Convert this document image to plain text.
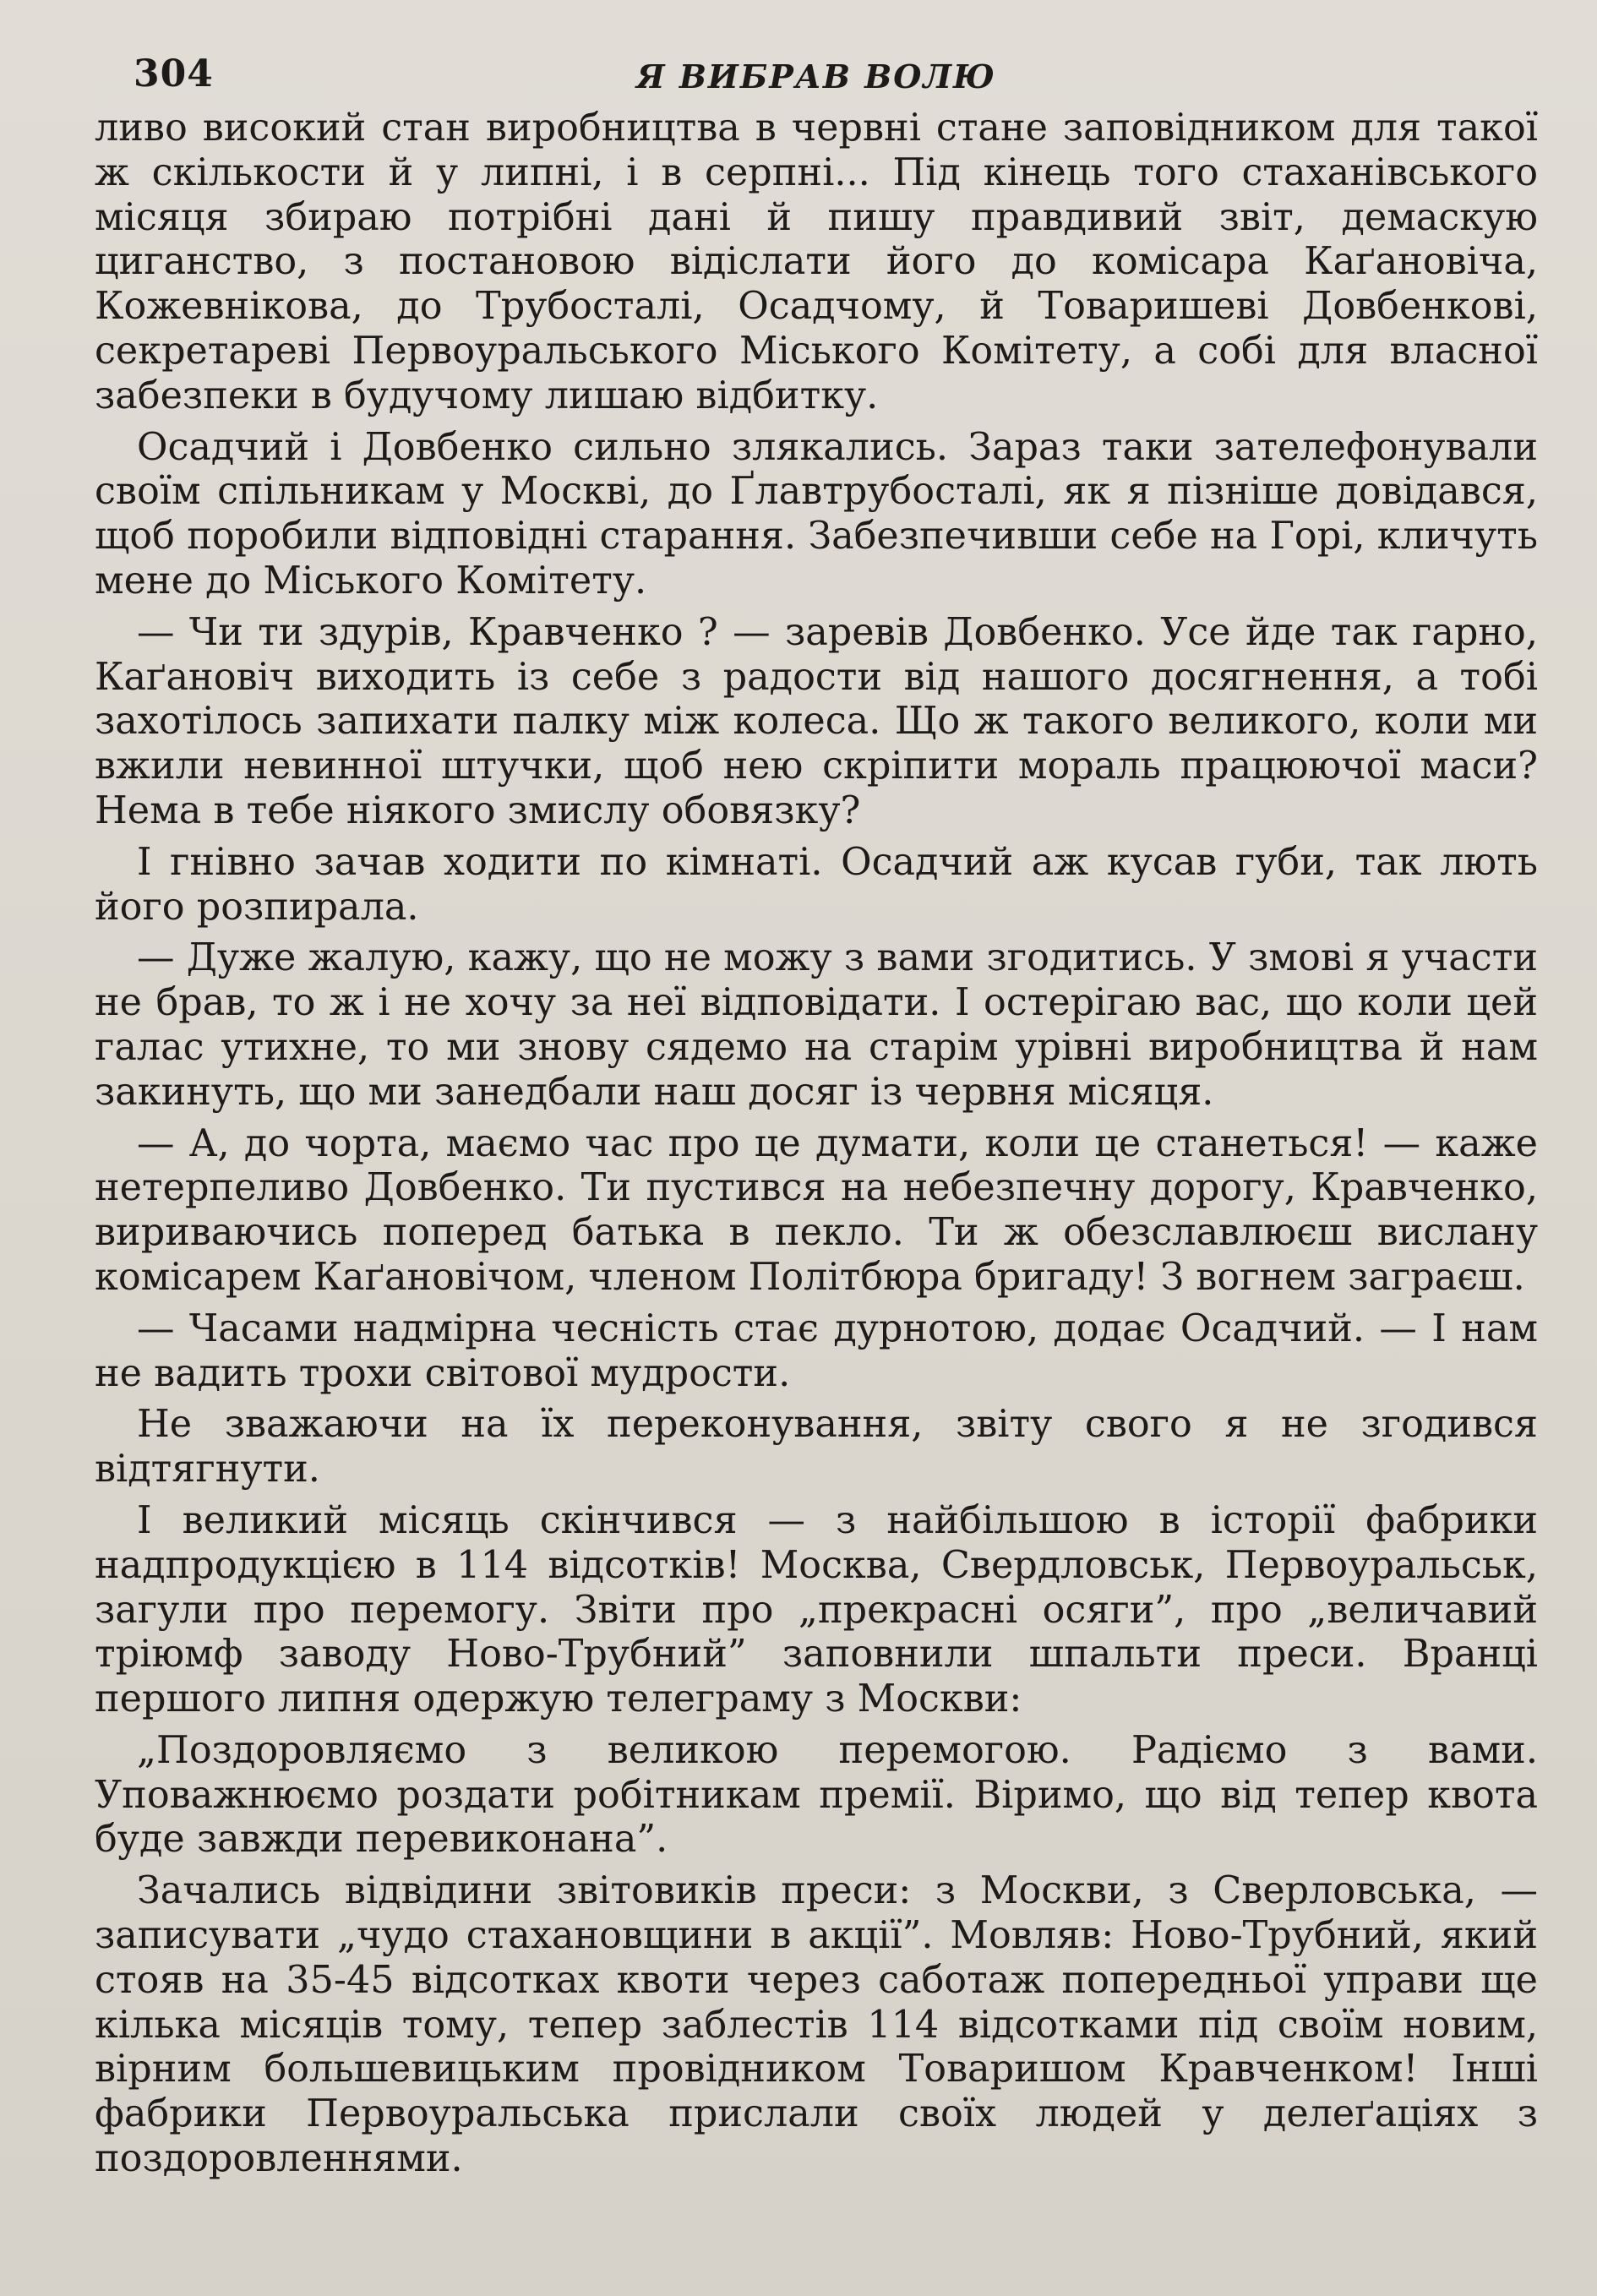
304	Я ВИБРАВ ВОЛЮ

ливо високий стан виробництва в червні стане заповідником для такої ж скількости й у липні, і в серпні... Під кінець того стаханівського місяця збираю потрібні дані й пишу правдивий звіт, демаскую циганство, з постановою відіслати його до комісара Каґановіча, Кожевнікова, до Трубосталі, Осадчому, й Товаришеві Довбенкові, секретареві Первоуральського Міського Комітету, а собі для власної забезпеки в будучому лишаю відбитку.

Осадчий і Довбенко сильно злякались. Зараз таки зателефонували своїм спільникам у Москві, до Ґлавтрубосталі, як я пізніше довідався, щоб поробили відповідні старання. Забезпечивши себе на Горі, кличуть мене до Міського Комітету.

— Чи ти здурів, Кравченко ? — заревів Довбенко. Усе йде так гарно, Каґановіч виходить із себе з радости від нашого досягнення, а тобі захотілось запихати палку між колеса. Що ж такого великого, коли ми вжили невинної штучки, щоб нею скріпити мораль працюючої маси? Нема в тебе ніякого змислу обовязку?

І гнівно зачав ходити по кімнаті. Осадчий аж кусав губи, так лють його розпирала.

— Дуже жалую, кажу, що не можу з вами згодитись. У змові я участи не брав, то ж і не хочу за неї відповідати. І остерігаю вас, що коли цей галас утихне, то ми знову сядемо на старім урівні виробництва й нам закинуть, що ми занедбали наш досяг із червня місяця.

— А, до чорта, маємо час про це думати, коли це станеться! — каже нетерпеливо Довбенко. Ти пустився на небезпечну дорогу, Кравченко, вириваючись поперед батька в пекло. Ти ж обезславлюєш виcлану комісарем Каґановічом, членом Політбюра бригаду! З вогнем заграєш.

— Часами надмірна чесність стає дурнотою, додає Осадчий. — І нам не вадить трохи світової мудрости.

Не зважаючи на їх переконування, звіту свого я не згодився відтягнути.

І великий місяць скінчився — з найбільшою в історії фабрики надпродукцією в 114 відсотків! Москва, Свердловськ, Первоуральськ, загули про перемогу. Звіти про „прекрасні осяги”, про „величавий тріюмф заводу Ново-Трубний” заповнили шпальти преси. Вранці першого липня одержую телеграму з Москви:

„Поздоровляємо з великою перемогою. Радіємо з вами. Уповажнюємо роздати робітникам премії. Віримо, що від тепер квота буде завжди перевиконана”.

Зачались відвідини звітовиків преси: з Москви, з Сверловська, — записувати „чудо стахановщини в акції”. Мовляв: Ново-Трубний, який стояв на 35-45 відсотках квоти через саботаж попередньої управи ще кілька місяців тому, тепер заблестів 114 відсотками під своїм новим, вірним большевицьким провідником Товаришом Кравченком! Інші фабрики Первоуральська прислали своїх людей у делеґаціях з поздоровленнями.
